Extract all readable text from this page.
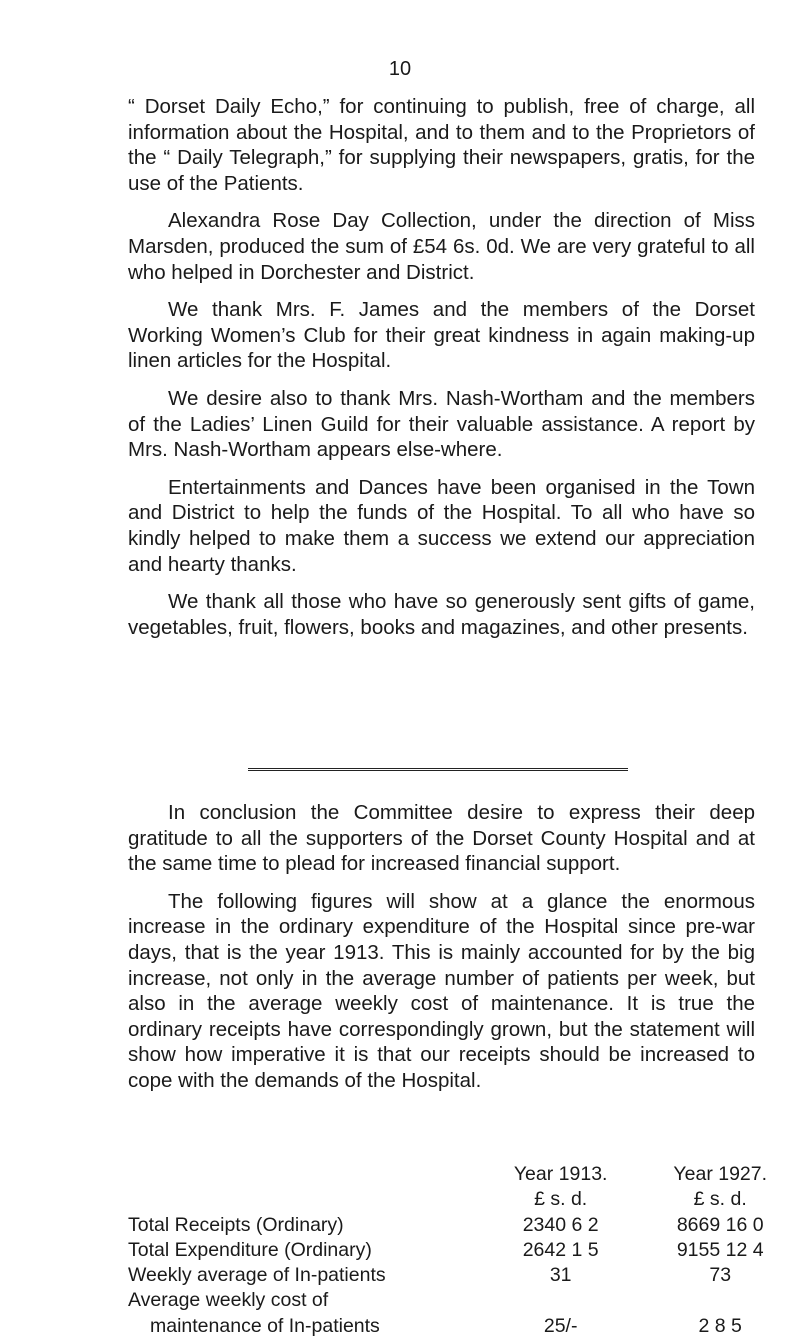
10

“ Dorset Daily Echo,” for continuing to publish, free of charge, all information about the Hospital, and to them and to the Proprietors of the “ Daily Telegraph,” for supplying their newspapers, gratis, for the use of the Patients.

Alexandra Rose Day Collection, under the direction of Miss Marsden, produced the sum of £54 6s. 0d. We are very grateful to all who helped in Dorchester and District.

We thank Mrs. F. James and the members of the Dorset Working Women’s Club for their great kindness in again making-up linen articles for the Hospital.

We desire also to thank Mrs. Nash-Wortham and the members of the Ladies’ Linen Guild for their valuable assistance. A report by Mrs. Nash-Wortham appears else-where.

Entertainments and Dances have been organised in the Town and District to help the funds of the Hospital. To all who have so kindly helped to make them a success we extend our appreciation and hearty thanks.

We thank all those who have so generously sent gifts of game, vegetables, fruit, flowers, books and magazines, and other presents.

In conclusion the Committee desire to express their deep gratitude to all the supporters of the Dorset County Hospital and at the same time to plead for increased financial support.

The following figures will show at a glance the enormous increase in the ordinary expenditure of the Hospital since pre-war days, that is the year 1913. This is mainly accounted for by the big increase, not only in the average number of patients per week, but also in the average weekly cost of maintenance. It is true the ordinary receipts have correspondingly grown, but the statement will show how imperative it is that our receipts should be increased to cope with the demands of the Hospital.

	Year 1913.	Year 1927.
	£ s. d.	£ s. d.
Total Receipts (Ordinary)	2340 6 2	8669 16 0
Total Expenditure (Ordinary)	2642 1 5	9155 12 4
Weekly average of In-patients	31	73
Average weekly cost of		
maintenance of In-patients	25/-	2 8 5
